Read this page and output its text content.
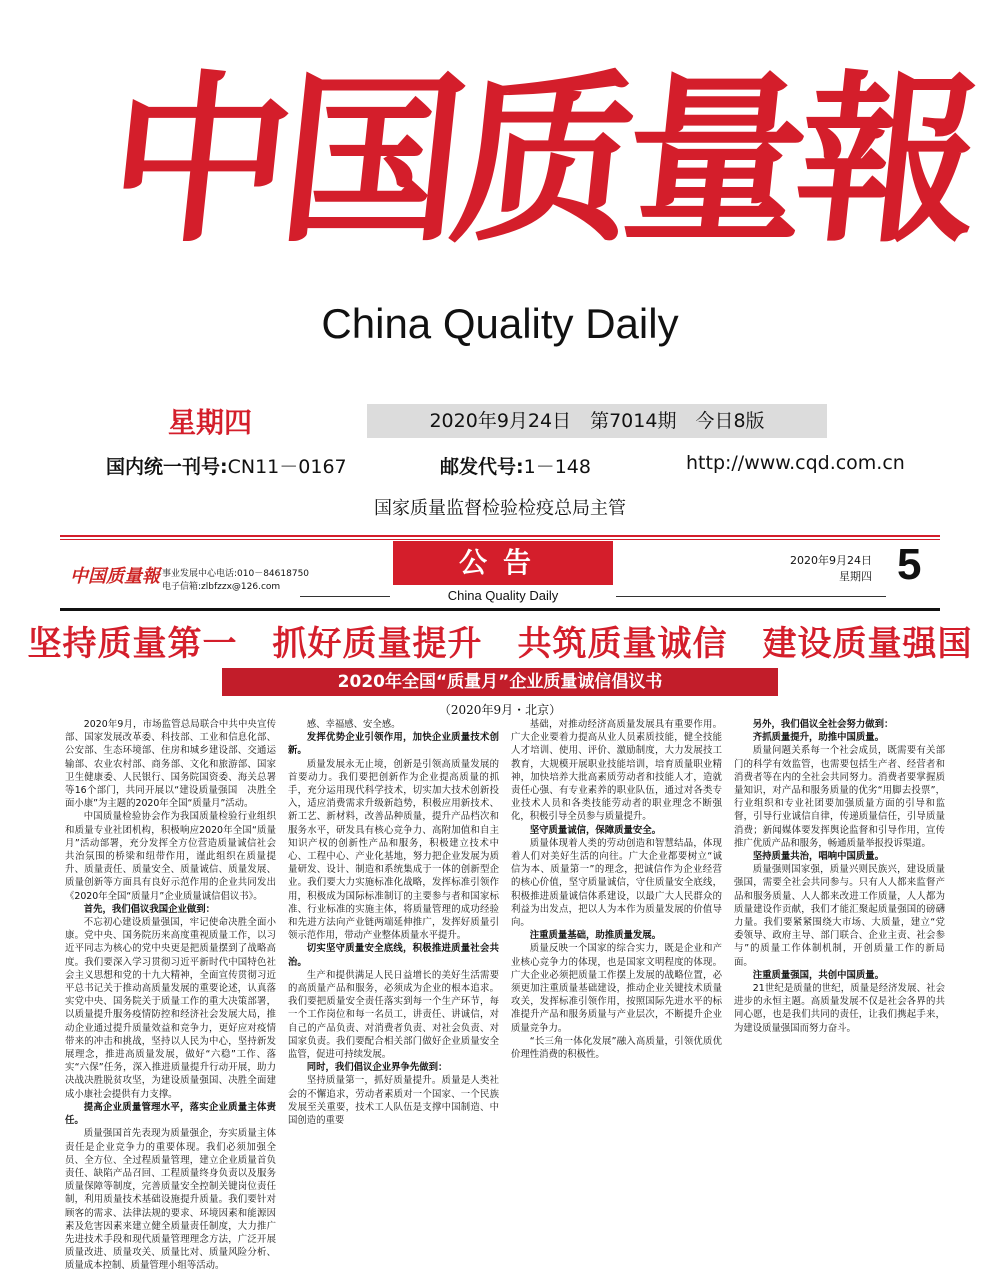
中国质量報
China Quality Daily
星期四	2020年9月24日　第7014期　今日8版
国内统一刊号:CN11－0167	邮发代号:1－148	http://www.cqd.com.cn
国家质量监督检验检疫总局主管
中国质量報 事业发展中心电话:010－84618750
电子信箱:zlbfzzx@126.com
公告
China Quality Daily
2020年9月24日
星期四 5
坚持质量第一　抓好质量提升　共筑质量诚信　建设质量强国
2020年全国“质量月”企业质量诚信倡议书
（2020年9月・北京）

2020年9月，市场监管总局联合中共中央宣传部、国家发展改革委、科技部、工业和信息化部、公安部、生态环境部、住房和城乡建设部、交通运输部、农业农村部、商务部、文化和旅游部、国家卫生健康委、人民银行、国务院国资委、海关总署等16个部门，共同开展以“建设质量强国　决胜全面小康”为主题的2020年全国“质量月”活动。

中国质量检验协会作为我国质量检验行业组织和质量专业社团机构，积极响应2020年全国“质量月”活动部署，充分发挥全方位营造质量诚信社会共治氛围的桥梁和纽带作用，谨此组织在质量提升、质量责任、质量安全、质量诚信、质量发展、质量创新等方面具有良好示范作用的企业共同发出《2020年全国“质量月”企业质量诚信倡议书》。

首先，我们倡议我国企业做到：

不忘初心建设质量强国，牢记使命决胜全面小康。党中央、国务院历来高度重视质量工作，以习近平同志为核心的党中央更是把质量摆到了战略高度。我们要深入学习贯彻习近平新时代中国特色社会主义思想和党的十九大精神，全面宣传贯彻习近平总书记关于推动高质量发展的重要论述，认真落实党中央、国务院关于质量工作的重大决策部署，以质量提升服务疫情防控和经济社会发展大局，推动企业通过提升质量效益和竞争力，更好应对疫情带来的冲击和挑战，坚持以人民为中心，坚持新发展理念，推进高质量发展，做好“六稳”工作、落实“六保”任务，深入推进质量提升行动开展，助力决战决胜脱贫攻坚，为建设质量强国、决胜全面建成小康社会提供有力支撑。

提高企业质量管理水平，落实企业质量主体责任。

质量强国首先表现为质量强企，夯实质量主体责任是企业竞争力的重要体现。我们必须加强全员、全方位、全过程质量管理，建立企业质量首负责任、缺陷产品召回、工程质量终身负责以及服务质量保障等制度，完善质量安全控制关键岗位责任制，利用质量技术基础设施提升质量。我们要针对顾客的需求、法律法规的要求、环境因素和能源因素及危害因素来建立健全质量责任制度，大力推广先进技术手段和现代质量管理理念方法，广泛开展质量改进、质量攻关、质量比对、质量风险分析、质量成本控制、质量管理小组等活动。

感、幸福感、安全感。

发挥优势企业引领作用，加快企业质量技术创新。

质量发展永无止境，创新是引领高质量发展的首要动力。我们要把创新作为企业提高质量的抓手，充分运用现代科学技术，切实加大技术创新投入，适应消费需求升级新趋势，积极应用新技术、新工艺、新材料，改善品种质量，提升产品档次和服务水平，研发具有核心竞争力、高附加值和自主知识产权的创新性产品和服务，积极建立技术中心、工程中心、产业化基地，努力把企业发展为质量研发、设计、制造和系统集成于一体的创新型企业。我们要大力实施标准化战略，发挥标准引领作用，积极成为国际标准制订的主要参与者和国家标准、行业标准的实施主体，将质量管理的成功经验和先进方法向产业链两端延伸推广，发挥好质量引领示范作用，带动产业整体质量水平提升。

切实坚守质量安全底线，积极推进质量社会共治。

生产和提供满足人民日益增长的美好生活需要的高质量产品和服务，必须成为企业的根本追求。我们要把质量安全责任落实到每一个生产环节，每一个工作岗位和每一名员工，讲责任、讲诚信，对自己的产品负责、对消费者负责、对社会负责、对国家负责。我们要配合相关部门做好企业质量安全监管，促进可持续发展。

同时，我们倡议企业界争先做到：

坚持质量第一，抓好质量提升。质量是人类社会的不懈追求，劳动者素质对一个国家、一个民族发展至关重要，技术工人队伍是支撑中国制造、中国创造的重要

基础，对推动经济高质量发展具有重要作用。广大企业要着力提高从业人员素质技能，健全技能人才培训、使用、评价、激励制度，大力发展技工教育，大规模开展职业技能培训，培育质量职业精神，加快培养大批高素质劳动者和技能人才，造就责任心强、有专业素养的职业队伍，通过对各类专业技术人员和各类技能劳动者的职业理念不断强化，积极引导全员参与质量提升。

坚守质量诚信，保障质量安全。

质量体现着人类的劳动创造和智慧结晶，体现着人们对美好生活的向往。广大企业都要树立“诚信为本、质量第一”的理念，把诚信作为企业经营的核心价值，坚守质量诚信，守住质量安全底线，积极推进质量诚信体系建设，以最广大人民群众的利益为出发点，把以人为本作为质量发展的价值导向。

注重质量基础，助推质量发展。

质量反映一个国家的综合实力，既是企业和产业核心竞争力的体现，也是国家文明程度的体现。广大企业必须把质量工作摆上发展的战略位置，必须更加注重质量基础建设，推动企业关键技术质量攻关，发挥标准引领作用，按照国际先进水平的标准提升产品和服务质量与产业层次，不断提升企业质量竞争力。

“长三角一体化发展”融入高质量，引领优质优价理性消费的积极性。

另外，我们倡议全社会努力做到：

齐抓质量提升，助推中国质量。

质量问题关系每一个社会成员，既需要有关部门的科学有效监管，也需要包括生产者、经营者和消费者等在内的全社会共同努力。消费者要掌握质量知识，对产品和服务质量的优劣“用脚去投票”，行业组织和专业社团要加强质量方面的引导和监督，引导行业诚信自律，传递质量信任，引导质量消费；新闻媒体要发挥舆论监督和引导作用，宣传推广优质产品和服务，畅通质量举报投诉渠道。

坚持质量共治，唱响中国质量。

质量强则国家强，质量兴则民族兴，建设质量强国，需要全社会共同参与。只有人人都来监督产品和服务质量、人人都来改进工作质量，人人都为质量建设作贡献，我们才能汇聚起质量强国的磅礴力量。我们要紧紧围绕大市场、大质量，建立“党委领导、政府主导、部门联合、企业主责、社会参与”的质量工作体制机制，开创质量工作的新局面。

注重质量强国，共创中国质量。

21世纪是质量的世纪，质量是经济发展、社会进步的永恒主题。高质量发展不仅是社会各界的共同心愿，也是我们共同的责任，让我们携起手来，为建设质量强国而努力奋斗。
